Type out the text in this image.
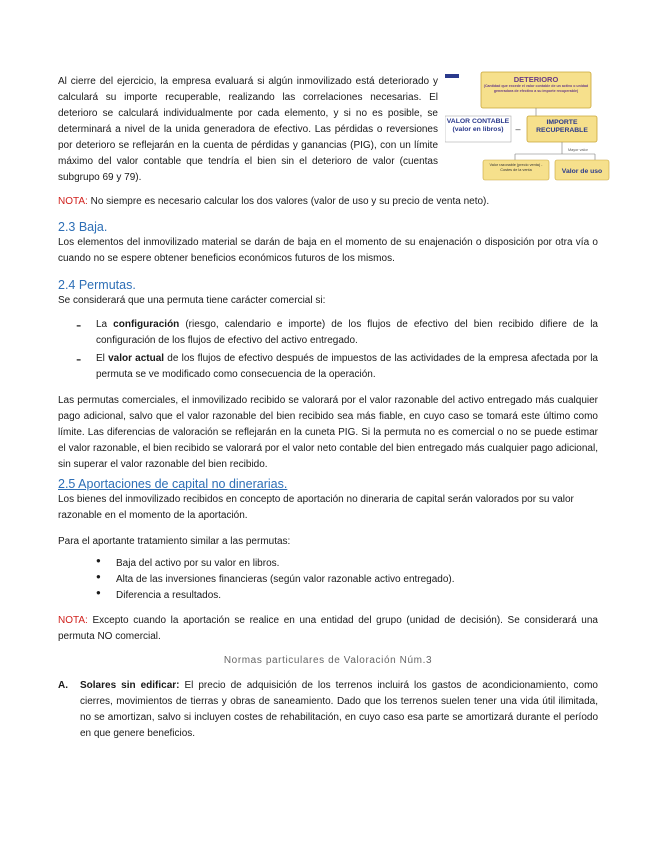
Al cierre del ejercicio, la empresa evaluará si algún inmovilizado está deteriorado y calculará su importe recuperable, realizando las correlaciones necesarias. El deterioro se calculará individualmente por cada elemento, y si no es posible, se determinará a nivel de la unida generadora de efectivo. Las pérdidas o reversiones por deterioro se reflejarán en la cuenta de pérdidas y ganancias (PIG), con un límite máximo del valor contable que tendría el bien sin el deterioro de valor (cuentas subgrupo 69 y 79).

DETERIORO
(Cantidad que excede el valor contable de un activo o unidad generadora de efectivo a su importe recuperable)
VALOR CONTABLE (valor en libros)	–
IMPORTE RECUPERABLE
Mayor valor
Valor razonable (precio venta) - Costes de la venta	Valor de uso

NOTA: No siempre es necesario calcular los dos valores (valor de uso y su precio de venta neto).

2.3 Baja.

Los elementos del inmovilizado material se darán de baja en el momento de su enajenación o disposición por otra vía o cuando no se espere obtener beneficios económicos futuros de los mismos.

2.4 Permutas.

Se considerará que una permuta tiene carácter comercial si:

- La configuración (riesgo, calendario e importe) de los flujos de efectivo del bien recibido difiere de la configuración de los flujos de efectivo del activo entregado.

- El valor actual de los flujos de efectivo después de impuestos de las actividades de la empresa afectada por la permuta se ve modificado como consecuencia de la operación.

Las permutas comerciales, el inmovilizado recibido se valorará por el valor razonable del activo entregado más cualquier pago adicional, salvo que el valor razonable del bien recibido sea más fiable, en cuyo caso se tomará este último como límite. Las diferencias de valoración se reflejarán en la cuneta PIG. Si la permuta no es comercial o no se puede estimar el valor razonable, el bien recibido se valorará por el valor neto contable del bien entregado más cualquier pago adicional, sin superar el valor razonable del bien recibido.

2.5 Aportaciones de capital no dinerarias.

Los bienes del inmovilizado recibidos en concepto de aportación no dineraria de capital serán valorados por su valor razonable en el momento de la aportación.

Para el aportante tratamiento similar a las permutas:

● Baja del activo por su valor en libros.

● Alta de las inversiones financieras (según valor razonable activo entregado).

● Diferencia a resultados.

NOTA: Excepto cuando la aportación se realice en una entidad del grupo (unidad de decisión). Se considerará una permuta NO comercial.

Normas particulares de Valoración Núm.3
A. Solares sin edificar: El precio de adquisición de los terrenos incluirá los gastos de acondicionamiento, como cierres, movimientos de tierras y obras de saneamiento. Dado que los terrenos suelen tener una vida útil ilimitada, no se amortizan, salvo si incluyen costes de rehabilitación, en cuyo caso esa parte se amortizará durante el período en que genere beneficios.
